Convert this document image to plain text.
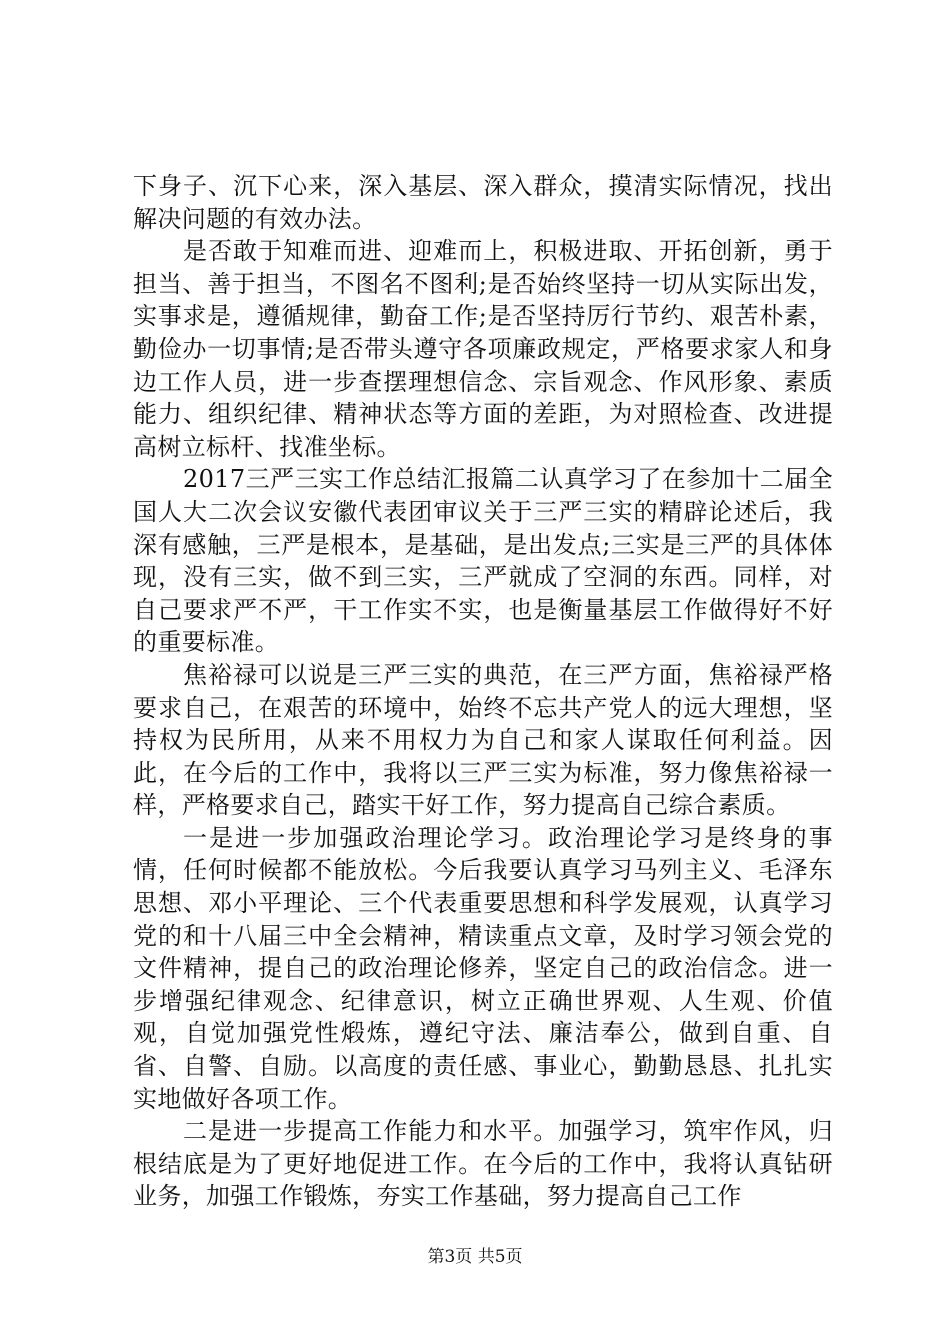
下身子、沉下心来，深入基层、深入群众，摸清实际情况，找出解决问题的有效办法。

是否敢于知难而进、迎难而上，积极进取、开拓创新，勇于担当、善于担当，不图名不图利;是否始终坚持一切从实际出发，实事求是，遵循规律，勤奋工作;是否坚持厉行节约、艰苦朴素，勤俭办一切事情;是否带头遵守各项廉政规定，严格要求家人和身边工作人员，进一步查摆理想信念、宗旨观念、作风形象、素质能力、组织纪律、精神状态等方面的差距，为对照检查、改进提高树立标杆、找准坐标。

2017三严三实工作总结汇报篇二认真学习了在参加十二届全国人大二次会议安徽代表团审议关于三严三实的精辟论述后，我深有感触，三严是根本，是基础，是出发点;三实是三严的具体体现，没有三实，做不到三实，三严就成了空洞的东西。同样，对自己要求严不严，干工作实不实，也是衡量基层工作做得好不好的重要标准。

焦裕禄可以说是三严三实的典范，在三严方面，焦裕禄严格要求自己，在艰苦的环境中，始终不忘共产党人的远大理想，坚持权为民所用，从来不用权力为自己和家人谋取任何利益。因此，在今后的工作中，我将以三严三实为标准，努力像焦裕禄一样，严格要求自己，踏实干好工作，努力提高自己综合素质。

一是进一步加强政治理论学习。政治理论学习是终身的事情，任何时候都不能放松。今后我要认真学习马列主义、毛泽东思想、邓小平理论、三个代表重要思想和科学发展观，认真学习党的和十八届三中全会精神，精读重点文章，及时学习领会党的文件精神，提自己的政治理论修养，坚定自己的政治信念。进一步增强纪律观念、纪律意识，树立正确世界观、人生观、价值观，自觉加强党性煅炼，遵纪守法、廉洁奉公，做到自重、自省、自警、自励。以高度的责任感、事业心，勤勤恳恳、扎扎实实地做好各项工作。

二是进一步提高工作能力和水平。加强学习，筑牢作风，归根结底是为了更好地促进工作。在今后的工作中，我将认真钻研业务，加强工作锻炼，夯实工作基础，努力提高自己工作

第3页 共5页
